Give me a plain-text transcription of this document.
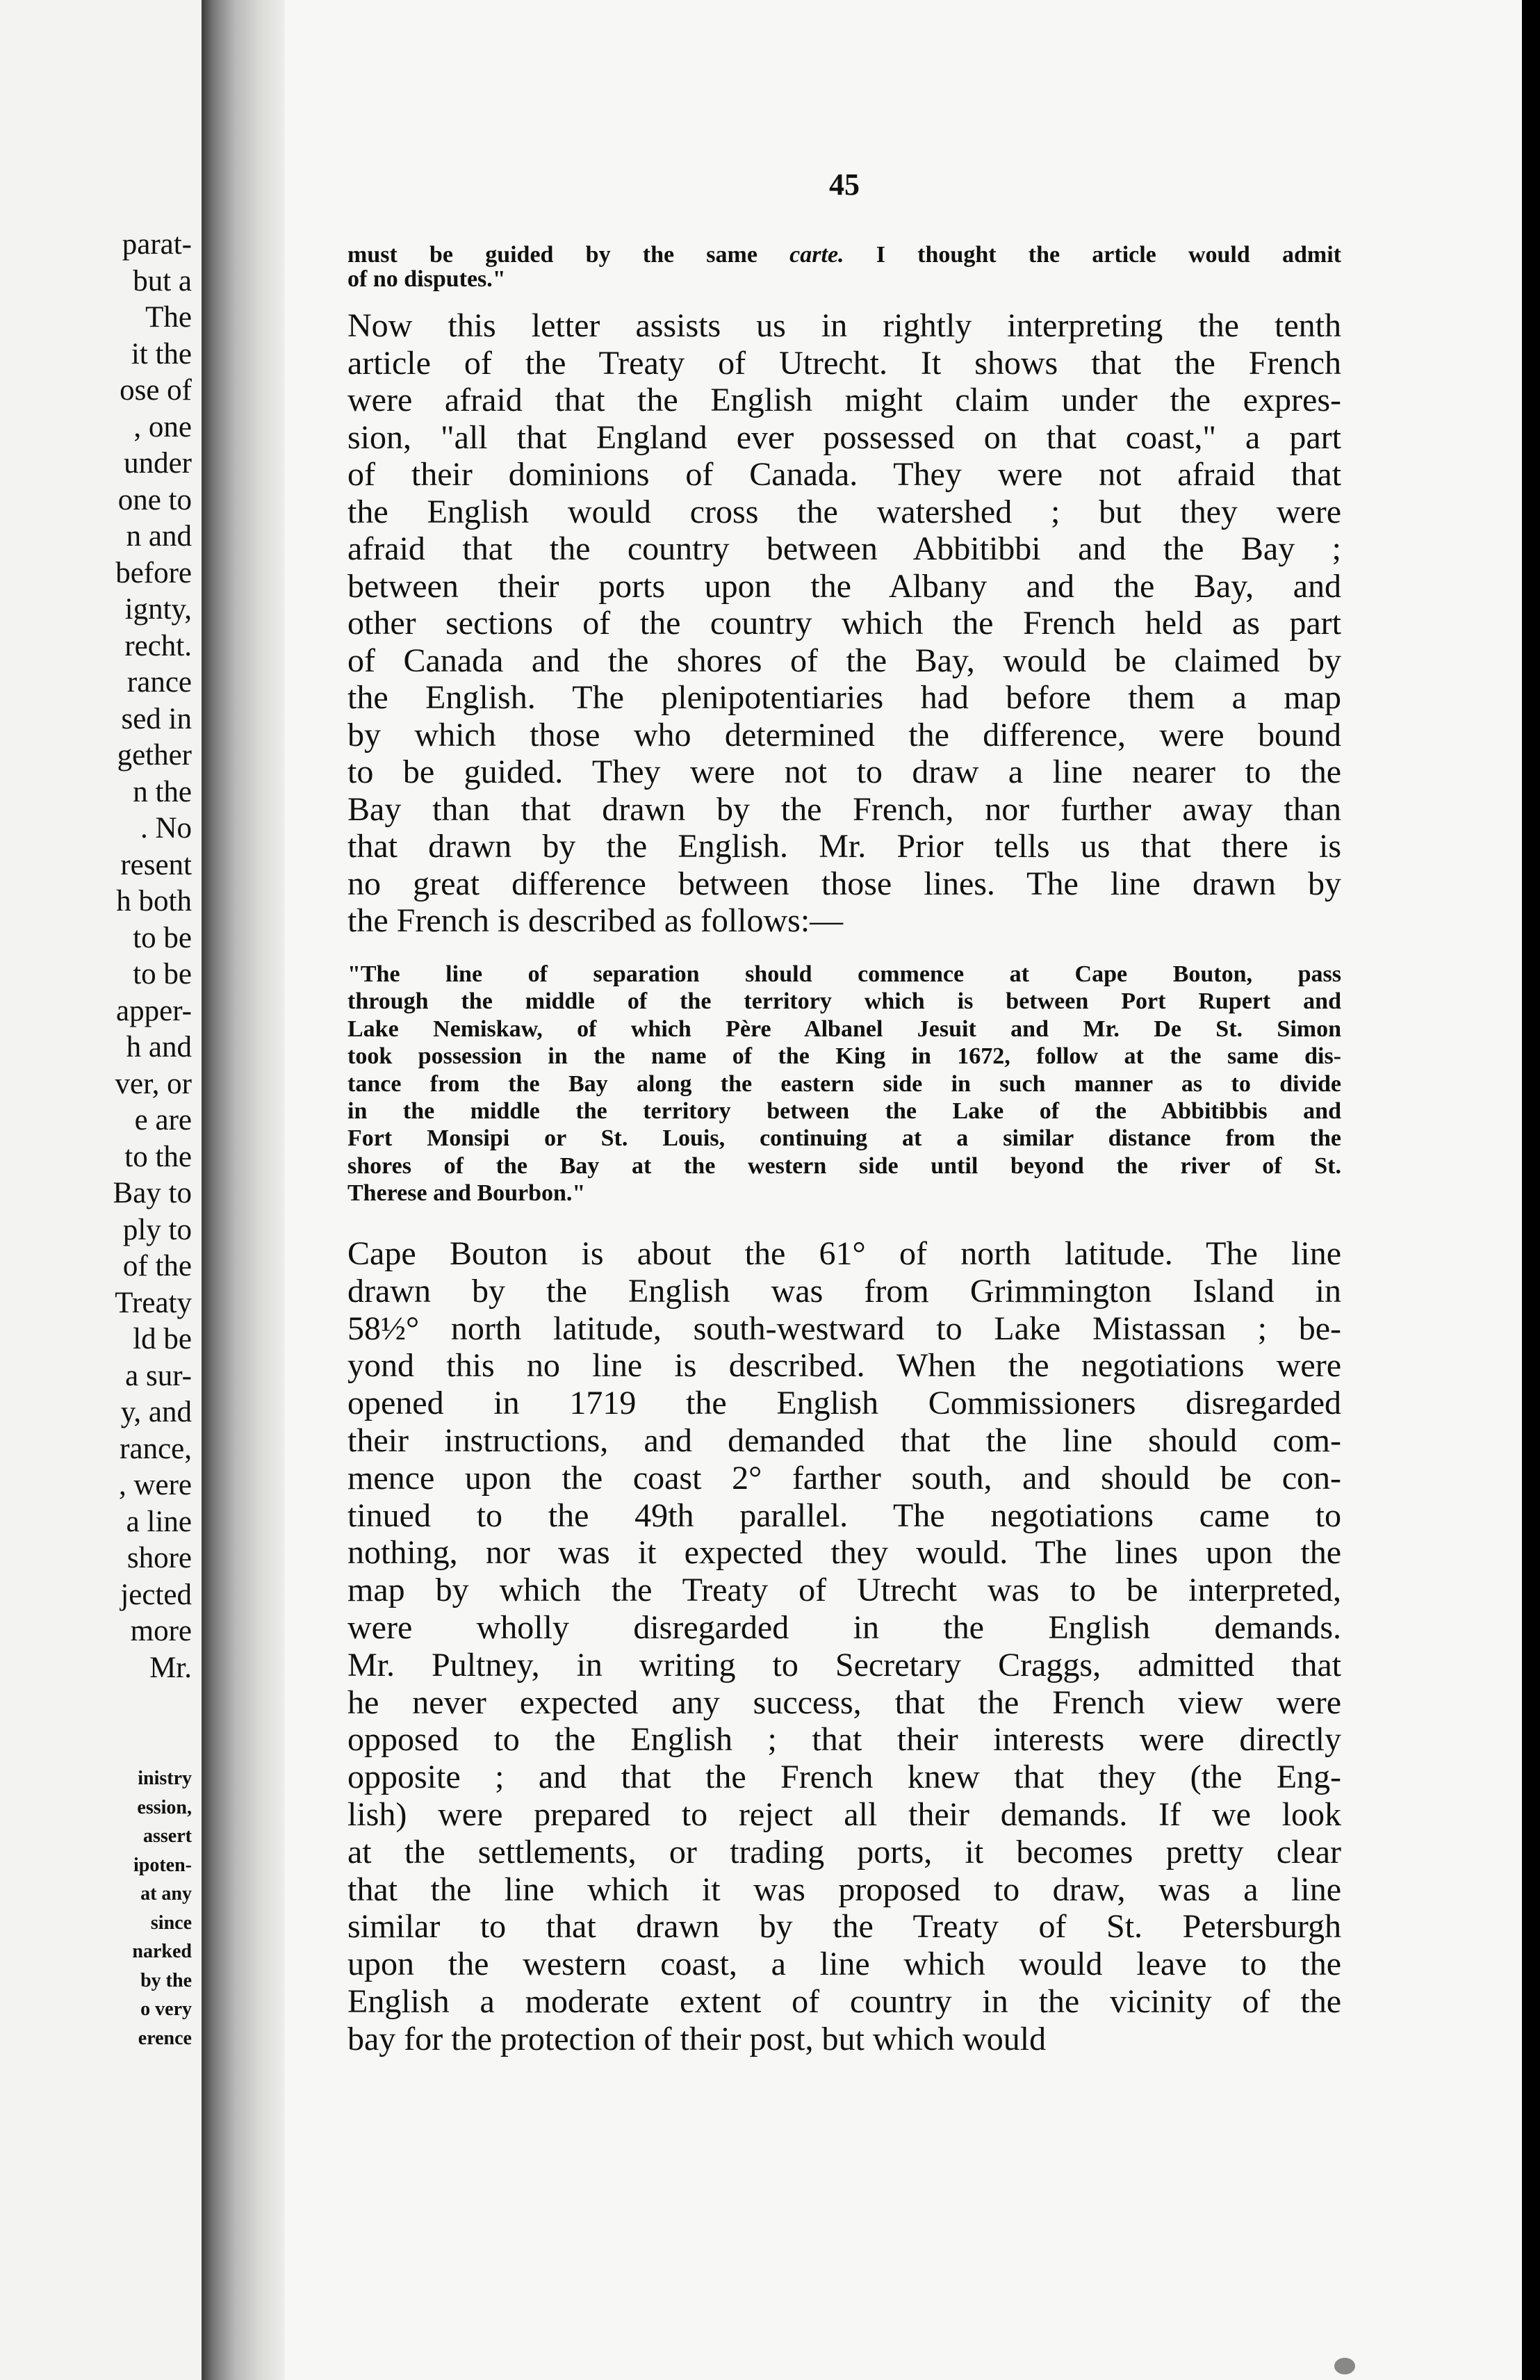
parat-
but a
The
it the
ose of
, one
under
one to
n and
before
ignty,
recht.
rance
sed in
gether
n the
. No
resent
h both
to be
to be
apper-
h and
ver, or
e are
to the
Bay to
ply to
of the
Treaty
ld be
a sur-
y, and
rance,
, were
a line
shore
jected
more
Mr.
inistry
ession,
assert
ipoten-
at any
since
narked
by the
o very
erence
45
must be guided by the same carte. I thought the article would admit
of no disputes."
Now this letter assists us in rightly interpreting the tenth
article of the Treaty of Utrecht. It shows that the French
were afraid that the English might claim under the expres-
sion, "all that England ever possessed on that coast," a part
of their dominions of Canada. They were not afraid that
the English would cross the watershed ; but they were
afraid that the country between Abbitibbi and the Bay ;
between their ports upon the Albany and the Bay, and
other sections of the country which the French held as part
of Canada and the shores of the Bay, would be claimed by
the English. The plenipotentiaries had before them a map
by which those who determined the difference, were bound
to be guided. They were not to draw a line nearer to the
Bay than that drawn by the French, nor further away than
that drawn by the English. Mr. Prior tells us that there is
no great difference between those lines. The line drawn by
the French is described as follows:—
"The line of separation should commence at Cape Bouton, pass
through the middle of the territory which is between Port Rupert and
Lake Nemiskaw, of which Père Albanel Jesuit and Mr. De St. Simon
took possession in the name of the King in 1672, follow at the same dis-
tance from the Bay along the eastern side in such manner as to divide
in the middle the territory between the Lake of the Abbitibbis and
Fort Monsipi or St. Louis, continuing at a similar distance from the
shores of the Bay at the western side until beyond the river of St.
Therese and Bourbon."
Cape Bouton is about the 61° of north latitude. The line
drawn by the English was from Grimmington Island in
58½° north latitude, south-westward to Lake Mistassan ; be-
yond this no line is described. When the negotiations were
opened in 1719 the English Commissioners disregarded
their instructions, and demanded that the line should com-
mence upon the coast 2° farther south, and should be con-
tinued to the 49th parallel. The negotiations came to
nothing, nor was it expected they would. The lines upon the
map by which the Treaty of Utrecht was to be interpreted,
were wholly disregarded in the English demands.
Mr. Pultney, in writing to Secretary Craggs, admitted that
he never expected any success, that the French view were
opposed to the English ; that their interests were directly
opposite ; and that the French knew that they (the Eng-
lish) were prepared to reject all their demands. If we look
at the settlements, or trading ports, it becomes pretty clear
that the line which it was proposed to draw, was a line
similar to that drawn by the Treaty of St. Petersburgh
upon the western coast, a line which would leave to the
English a moderate extent of country in the vicinity of the
bay for the protection of their post, but which would
